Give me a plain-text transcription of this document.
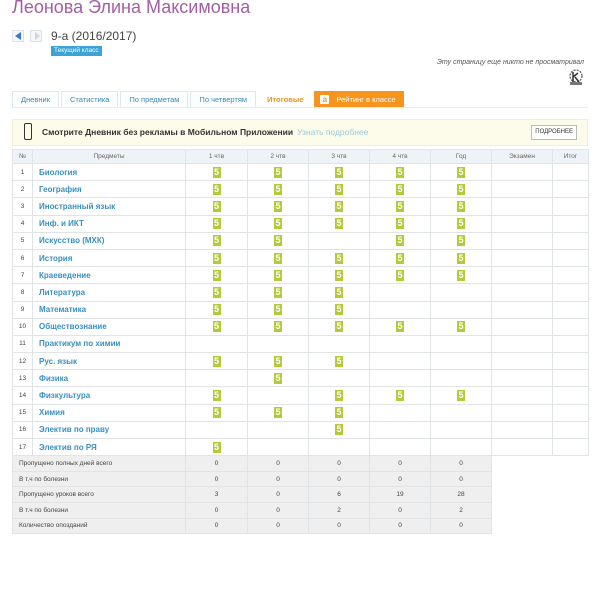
Леонова Элина Максимовна
9-а (2016/2017)
Текущий класс
Эту страницу еще никто не просматривал
Дневник	Статистика	По предметам	По четвертям	Итоговые	a	Рейтинг в классе
Смотрите Дневник без рекламы в Мобильном Приложении Узнать подробнее	ПОДРОБНЕЕ
№	Предметы	1 чтв	2 чтв	3 чтв	4 чтв	Год	Экзамен	Итог
1	Биология	5	5	5	5	5		
2	География	5	5	5	5	5		
3	Иностранный язык	5	5	5	5	5		
4	Инф. и ИКТ	5	5	5	5	5		
5	Искусство (МХК)	5	5		5	5		
6	История	5	5	5	5	5		
7	Краеведение	5	5	5	5	5		
8	Литература	5	5	5				
9	Математика	5	5	5				
10	Обществознание	5	5	5	5	5		
11	Практикум по химии							
12	Рус. язык	5	5	5				
13	Физика		5					
14	Физкультура	5		5	5	5		
15	Химия	5	5	5				
16	Электив по праву			5				
17	Электив по РЯ	5						
Пропущено полных дней всего		0	0	0	0	0		
В т.ч по болезни		0	0	0	0	0		
Пропущено уроков всего		3	0	6	19	28		
В т.ч по болезни		0	0	2	0	2		
Количество опозданий		0	0	0	0	0		
